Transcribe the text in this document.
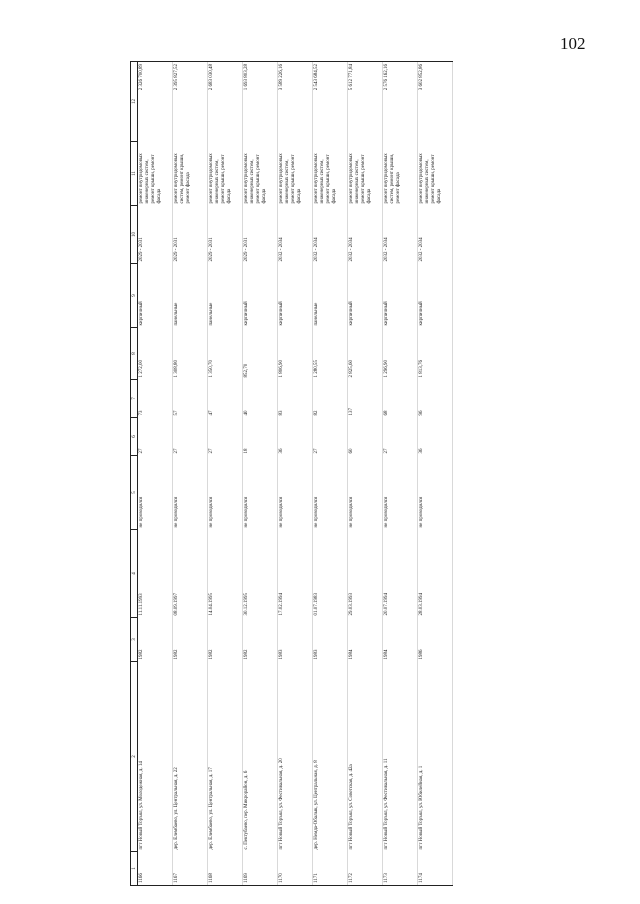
102
1	2	3	4	5	6	7	8	9	10	11	12
1166	пгт Новый Торъял, ул. Молодежная, д. 14	1982	11.11.1993	не проводился	27	73	1 272,00	кирпичный	2029 - 2031	ремонт внутридомовых инженерных систем, ремонт крыши, ремонт фасада	2 326 700,89
1167	дер. Елембаево, ул. Центральная, д. 22	1982	08.09.1997	не проводился	27	57	1 308,80	панельные	2029 - 2031	ремонт внутридомовых систем, ремонт крыши, ремонт фасада	2 395 827,52
1168	дер. Елембаево, ул. Центральная, д. 17	1982	14.04.1995	не проводился	27	47	1 350,70	панельные	2029 - 2031	ремонт внутридомовых инженерных систем, ремонт крыши, ремонт фасада	2 683 030,48
1169	с. Пектубаево, пер. Микрорайон, д. 6	1982	30.12.1995	не проводился	18	40	852,70	кирпичный	2029 - 2031	ремонт внутридомовых инженерных систем, ремонт крыши, ремонт фасада	1 693 803,28
1170	пгт Новый Торъял, ул. Фестивальная, д. 20	1983	17.02.1994	не проводился	36	83	1 806,90	кирпичный	2032 - 2034	ремонт внутридомовых инженерных систем, ремонт крыши, ремонт фасада	3 589 226,16
1171	дер. Немда-Обалык, ул. Центральная, д. 8	1983	01.07.1983	не проводился	27	82	1 280,55	панельные	2032 - 2034	ремонт внутридомовых инженерных систем, ремонт крыши, ремонт фасада	2 543 684,52
1172	пгт Новый Торъял, ул. Советская, д. 42а	1984	29.03.1993	не проводился	60	137	2 825,60	кирпичный	2032 - 2034	ремонт внутридомовых инженерных систем, ремонт крыши, ремонт фасада	5 612 771,84
1173	пгт Новый Торъял, ул. Фестивальная, д. 11	1984	20.07.1994	не проводился	27	68	1 296,90	кирпичный	2032 - 2034	ремонт внутридомовых систем, ремонт крыши, ремонт фасада	2 576 162,16
1174	пгт Новый Торъял, ул. Юбилейная, д. 1	1986	28.03.1994	не проводился	36	96	1 813,76	кирпичный	2032 - 2034	ремонт внутридомовых инженерных систем, ремонт крыши, ремонт фасада	3 602 852,86
